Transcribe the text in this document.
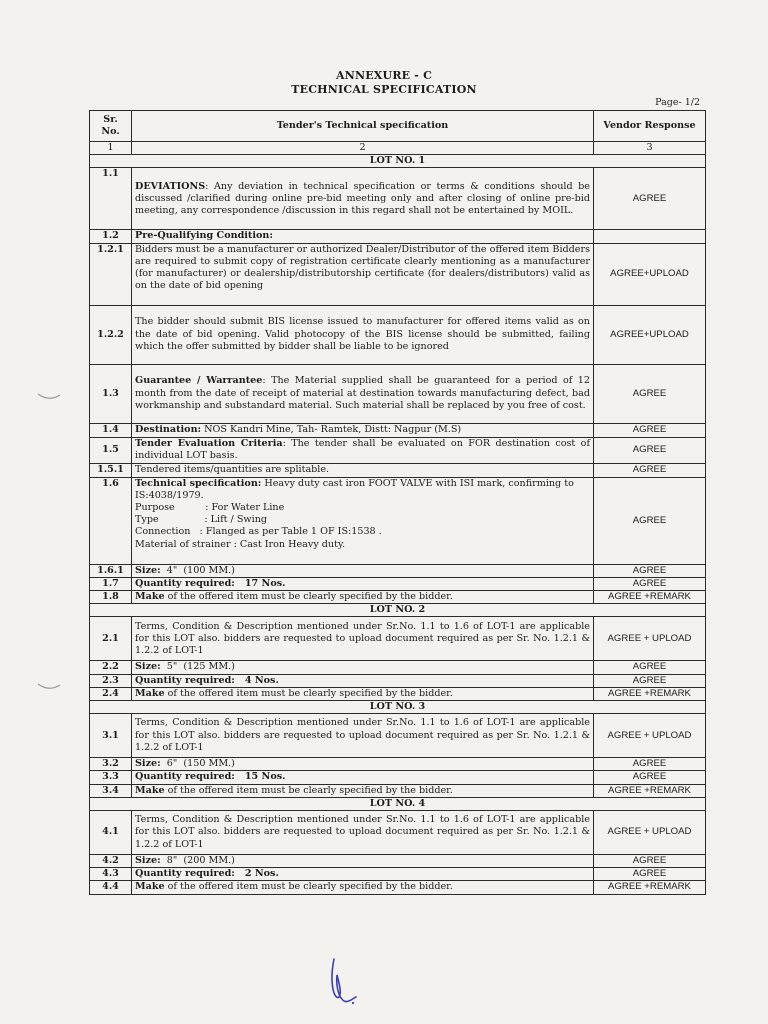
ANNEXURE - C
TECHNICAL SPECIFICATION
Page- 1/2
Sr. No.	Tender's Technical specification	Vendor Response
1	2	3
LOT NO. 1		
1.1	DEVIATIONS: Any deviation in technical specification or terms & conditions should be discussed /clarified during online pre-bid meeting only and after closing of online pre-bid meeting, any correspondence /discussion in this regard shall not be entertained by MOIL.	AGREE
1.2	Pre-Qualifying Condition:	
1.2.1	Bidders must be a manufacturer or authorized Dealer/Distributor of the offered item Bidders are required to submit copy of registration certificate clearly mentioning as a manufacturer (for manufacturer) or dealership/distributorship certificate (for dealers/distributors) valid as on the date of bid opening	AGREE+UPLOAD
1.2.2	The bidder should submit BIS license issued to manufacturer for offered items valid as on the date of bid opening. Valid photocopy of the BIS license should be submitted, failing which the offer submitted by bidder shall be liable to be ignored	AGREE+UPLOAD
1.3	Guarantee / Warrantee: The Material supplied shall be guaranteed for a period of 12 month from the date of receipt of material at destination towards manufacturing defect, bad workmanship and substandard material. Such material shall be replaced by you free of cost.	AGREE
1.4	Destination: NOS Kandri Mine, Tah- Ramtek, Distt: Nagpur (M.S)	AGREE
1.5	Tender Evaluation Criteria: The tender shall be evaluated on FOR destination cost of individual LOT basis.	AGREE
1.5.1	Tendered items/quantities are splitable.	AGREE
1.6	Technical specification: Heavy duty cast iron FOOT VALVE with ISI mark, confirming to IS:4038/1979.
Purpose          : For Water Line
Type               : Lift / Swing
Connection   : Flanged as per Table 1 OF IS:1538 .
Material of strainer : Cast Iron Heavy duty.	AGREE
1.6.1	Size:  4"  (100 MM.)	AGREE
1.7	Quantity required:   17 Nos.	AGREE
1.8	Make of the offered item must be clearly specified by the bidder.	AGREE +REMARK
LOT NO. 2		
2.1	Terms, Condition & Description mentioned under Sr.No. 1.1 to 1.6 of LOT-1 are applicable for this LOT also. bidders are requested to upload document required as per Sr. No. 1.2.1 & 1.2.2 of LOT-1	AGREE + UPLOAD
2.2	Size:  5"  (125 MM.)	AGREE
2.3	Quantity required:   4 Nos.	AGREE
2.4	Make of the offered item must be clearly specified by the bidder.	AGREE +REMARK
LOT NO. 3		
3.1	Terms, Condition & Description mentioned under Sr.No. 1.1 to 1.6 of LOT-1 are applicable for this LOT also. bidders are requested to upload document required as per Sr. No. 1.2.1 & 1.2.2 of LOT-1	AGREE + UPLOAD
3.2	Size:  6"  (150 MM.)	AGREE
3.3	Quantity required:   15 Nos.	AGREE
3.4	Make of the offered item must be clearly specified by the bidder.	AGREE +REMARK
LOT NO. 4		
4.1	Terms, Condition & Description mentioned under Sr.No. 1.1 to 1.6 of LOT-1 are applicable for this LOT also. bidders are requested to upload document required as per Sr. No. 1.2.1 & 1.2.2 of LOT-1	AGREE + UPLOAD
4.2	Size:  8"  (200 MM.)	AGREE
4.3	Quantity required:   2 Nos.	AGREE
4.4	Make of the offered item must be clearly specified by the bidder.	AGREE +REMARK
